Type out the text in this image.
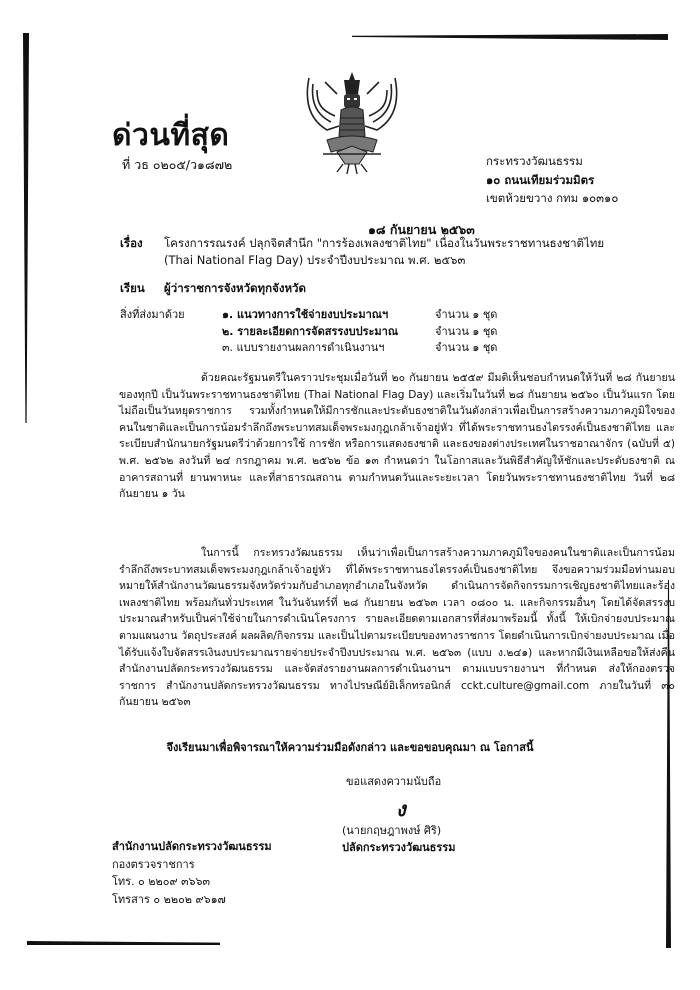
ด่วนที่สุด
ที่ วธ ๐๒๐๕/ว๑๘๗๒	กระทรวงวัฒนธรรม
๑๐ ถนนเทียมร่วมมิตร
เขตห้วยขวาง กทม ๑๐๓๑๐
๑๘ กันยายน ๒๕๖๓
เรื่อง โครงการรณรงค์ ปลุกจิตสำนึก "การร้องเพลงชาติไทย" เนื่องในวันพระราชทานธงชาติไทย
(Thai National Flag Day) ประจำปีงบประมาณ พ.ศ. ๒๕๖๓
เรียน ผู้ว่าราชการจังหวัดทุกจังหวัด
สิ่งที่ส่งมาด้วย	๑. แนวทางการใช้จ่ายงบประมาณฯ	จำนวน ๑ ชุด
๒. รายละเอียดการจัดสรรงบประมาณ	จำนวน ๑ ชุด
๓. แบบรายงานผลการดำเนินงานฯ	จำนวน ๑ ชุด

ด้วยคณะรัฐมนตรีในคราวประชุมเมื่อวันที่ ๒๐ กันยายน ๒๕๕๙ มีมติเห็นชอบกำหนดให้วันที่ ๒๘ กันยายน ของทุกปี เป็นวันพระราชทานธงชาติไทย (Thai National Flag Day) และเริ่มในวันที่ ๒๘ กันยายน ๒๕๖๐ เป็นวันแรก โดยไม่ถือเป็นวันหยุดราชการ รวมทั้งกำหนดให้มีการชักและประดับธงชาติในวันดังกล่าวเพื่อเป็นการสร้างความภาคภูมิใจของคนในชาติและเป็นการน้อมรำลึกถึงพระบาทสมเด็จพระมงกุฎเกล้าเจ้าอยู่หัว ที่ได้พระราชทานธงไตรรงค์เป็นธงชาติไทย และระเบียบสำนักนายกรัฐมนตรีว่าด้วยการใช้ การชัก หรือการแสดงธงชาติ และธงของต่างประเทศในราชอาณาจักร (ฉบับที่ ๕) พ.ศ. ๒๕๖๒ ลงวันที่ ๒๔ กรกฎาคม พ.ศ. ๒๕๖๒ ข้อ ๑๓ กำหนดว่า ในโอกาสและวันพิธีสำคัญให้ชักและประดับธงชาติ ณ อาคารสถานที่ ยานพาหนะ และที่สาธารณสถาน ตามกำหนดวันและระยะเวลา โดยวันพระราชทานธงชาติไทย วันที่ ๒๘ กันยายน ๑ วัน

ในการนี้ กระทรวงวัฒนธรรม เห็นว่าเพื่อเป็นการสร้างความภาคภูมิใจของคนในชาติและเป็นการน้อมรำลึกถึงพระบาทสมเด็จพระมงกุฎเกล้าเจ้าอยู่หัว ที่ได้พระราชทานธงไตรรงค์เป็นธงชาติไทย จึงขอความร่วมมือท่านมอบหมายให้สำนักงานวัฒนธรรมจังหวัดร่วมกับอำเภอทุกอำเภอในจังหวัด ดำเนินการจัดกิจกรรมการเชิญธงชาติไทยและร้องเพลงชาติไทย พร้อมกันทั่วประเทศ ในวันจันทร์ที่ ๒๘ กันยายน ๒๕๖๓ เวลา ๐๘๐๐ น. และกิจกรรมอื่นๆ โดยได้จัดสรรงบประมาณสำหรับเป็นค่าใช้จ่ายในการดำเนินโครงการ รายละเอียดตามเอกสารที่ส่งมาพร้อมนี้ ทั้งนี้ ให้เบิกจ่ายงบประมาณ ตามแผนงาน วัตถุประสงค์ ผลผลิต/กิจกรรม และเป็นไปตามระเบียบของทางราชการ โดยดำเนินการเบิกจ่ายงบประมาณ เมื่อได้รับแจ้งใบจัดสรรเงินงบประมาณรายจ่ายประจำปีงบประมาณ พ.ศ. ๒๕๖๓ (แบบ ง.๒๔๑) และหากมีเงินเหลือขอให้ส่งคืนสำนักงานปลัดกระทรวงวัฒนธรรม และจัดส่งรายงานผลการดำเนินงานฯ ตามแบบรายงานฯ ที่กำหนด ส่งให้กองตรวจราชการ สำนักงานปลัดกระทรวงวัฒนธรรม ทางไปรษณีย์อิเล็กทรอนิกส์ cckt.culture@gmail.com ภายในวันที่ ๓๐ กันยายน ๒๕๖๓

จึงเรียนมาเพื่อพิจารณาให้ความร่วมมือดังกล่าว และขอขอบคุณมา ณ โอกาสนี้
ขอแสดงความนับถือ
ง
(นายกฤษฎาพงษ์ ศิริ)
ปลัดกระทรวงวัฒนธรรม
สำนักงานปลัดกระทรวงวัฒนธรรม
กองตรวจราชการ
โทร. ๐ ๒๒๐๙ ๓๖๖๓
โทรสาร ๐ ๒๒๐๒ ๙๖๑๗
